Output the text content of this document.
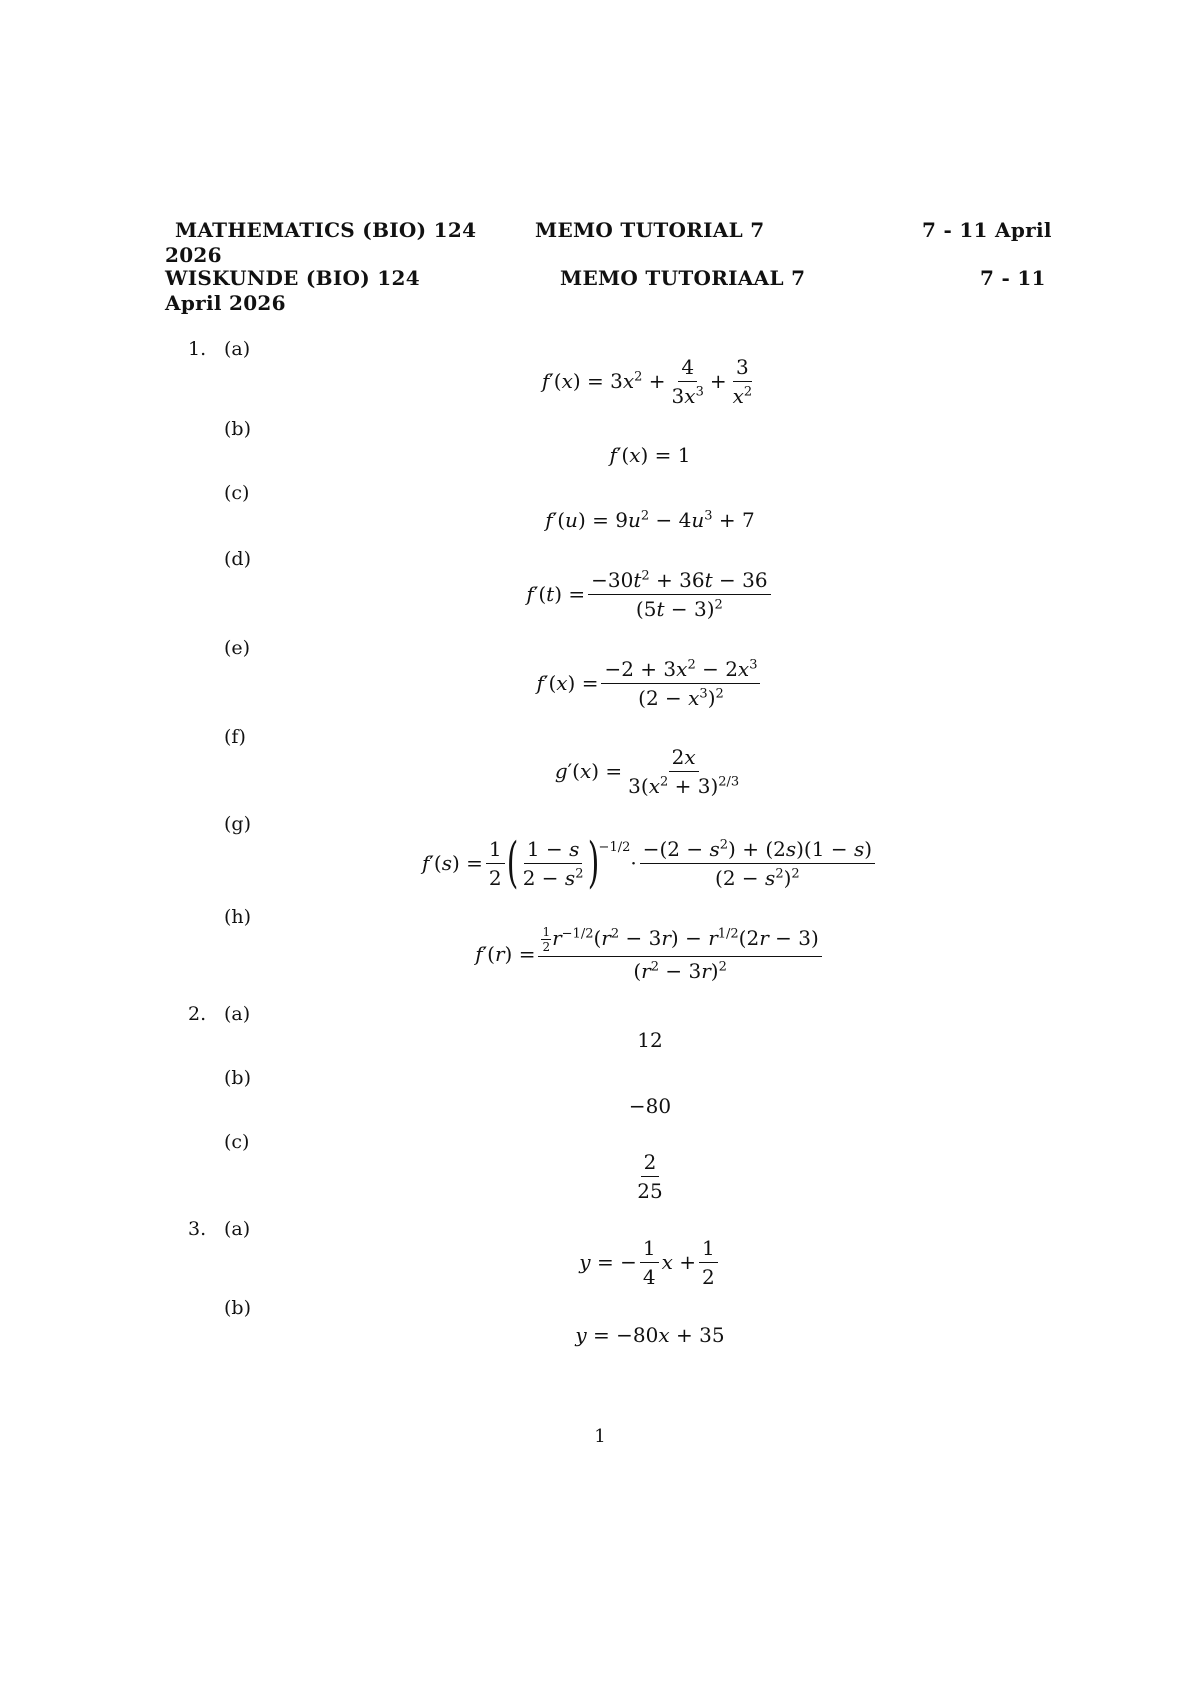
MATHEMATICS (BIO) 124	MEMO TUTORIAL 7	7 - 11 April
2026
WISKUNDE (BIO) 124	MEMO TUTORIAAL 7	7 - 11
April 2026
1. (a)
$f'(x) = 3x^2 + \frac{4}{3x^3} + \frac{3}{x^2}$
(b)
f′(x) = 1
(c)
$f'(u) = 9u^2 - 4u^3 + 7$
(d)
$f'(t) = \frac{-30t^2 + 36t - 36}{(5t - 3)^2}$
(e)
$f'(x) = \frac{-2 + 3x^2 - 2x^3}{(2 - x^3)^2}$
(f)
$g'(x) = \frac{2x}{3(x^2 + 3)^{2/3}}$
(g)
$f'(s) = \frac{1}{2}$ ( $\frac{1 - s}{2 - s^2}$ )
$^{-1/2}$
· $\frac{-(2 - s^2) + (2s)(1 - s)}{(2 - s^2)^2}$
(h)
$f'(r) = \frac{\frac{1}{2} r^{-1/2}(r^2 - 3r) - r^{1/2}(2r - 3)}{(r^2 - 3r)^2}$
2. (a)
12
(b)
−80
(c)
$\frac{2}{25}$
3. (a)
y = − $\frac{1}{4}$ $x + \frac{1}{2}$
(b)
y = −80x + 35
1
